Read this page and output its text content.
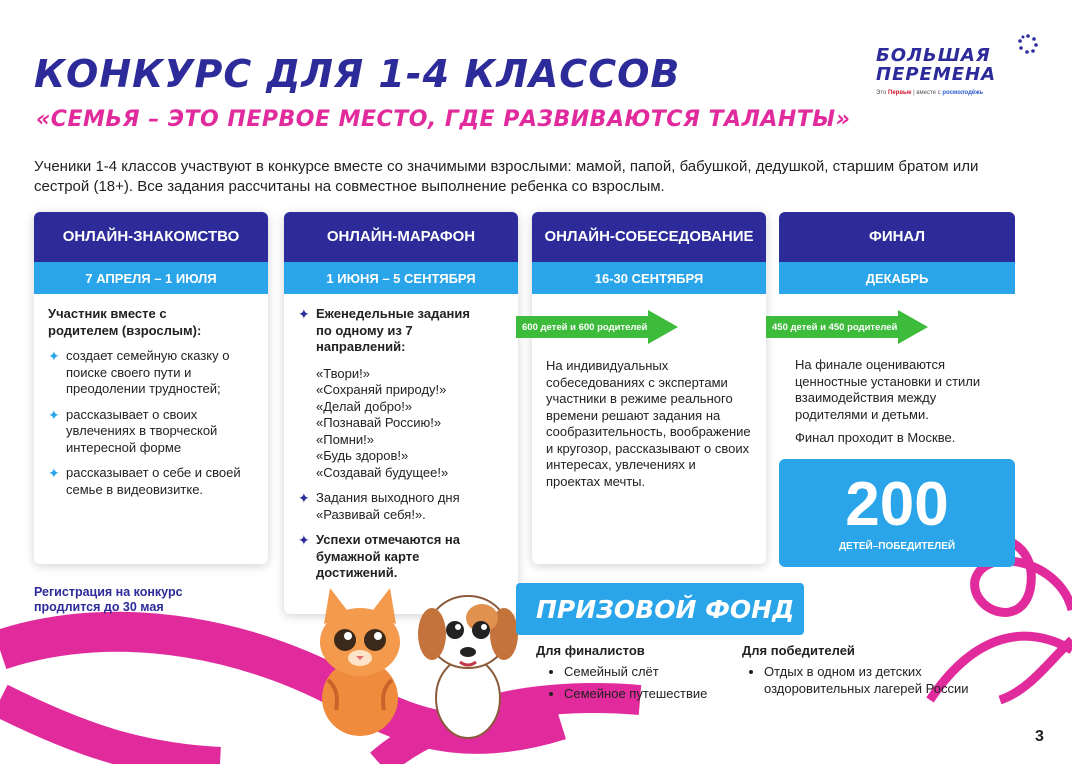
КОНКУРС ДЛЯ 1-4 КЛАССОВ
«СЕМЬЯ – ЭТО ПЕРВОЕ МЕСТО, ГДЕ РАЗВИВАЮТСЯ ТАЛАНТЫ»
БОЛЬШАЯ
ПЕРЕМЕНА
Это Первые | вместе с росмолодёжь

Ученики 1-4 классов участвуют в конкурсе вместе со значимыми взрослыми: мамой, папой, бабушкой, дедушкой, старшим братом или сестрой (18+). Все задания рассчитаны на совместное выполнение ребенка со взрослым.

ОНЛАЙН-ЗНАКОМСТВО
7 АПРЕЛЯ – 1 ИЮЛЯ
Участник вместе с родителем (взрослым):
✦ создает семейную сказку о поиске своего пути и преодолении трудностей;
✦ рассказывает о своих увлечениях в творческой интересной форме
✦ рассказывает о себе и своей семье в видеовизитке.
ОНЛАЙН-МАРАФОН
1 ИЮНЯ – 5 СЕНТЯБРЯ
✦ Еженедельные задания по одному из 7 направлений:
«Твори!»
«Сохраняй природу!»
«Делай добро!»
«Познавай Россию!»
«Помни!»
«Будь здоров!»
«Создавай будущее!»
✦ Задания выходного дня «Развивай себя!».
✦ Успехи отмечаются на бумажной карте достижений.
ОНЛАЙН-СОБЕСЕДОВАНИЕ
16-30 СЕНТЯБРЯ
На индивидуальных собеседованиях с экспертами участники в режиме реального времени решают задания на сообразительность, воображение и кругозор, рассказывают о своих интересах, увлечениях и проектах мечты.
600 детей и 600 родителей
ФИНАЛ
ДЕКАБРЬ
450 детей и 450 родителей
На финале оцениваются ценностные установки и стили взаимодействия между родителями и детьми.
Финал проходит в Москве.
200
ДЕТЕЙ–ПОБЕДИТЕЛЕЙ
Регистрация на конкурс продлится до 30 мая	ПРИЗОВОЙ ФОНД
Для финалистов
• Семейный слёт
• Семейное путешествие
Для победителей
• Отдых в одном из детских оздоровительных лагерей России
3
